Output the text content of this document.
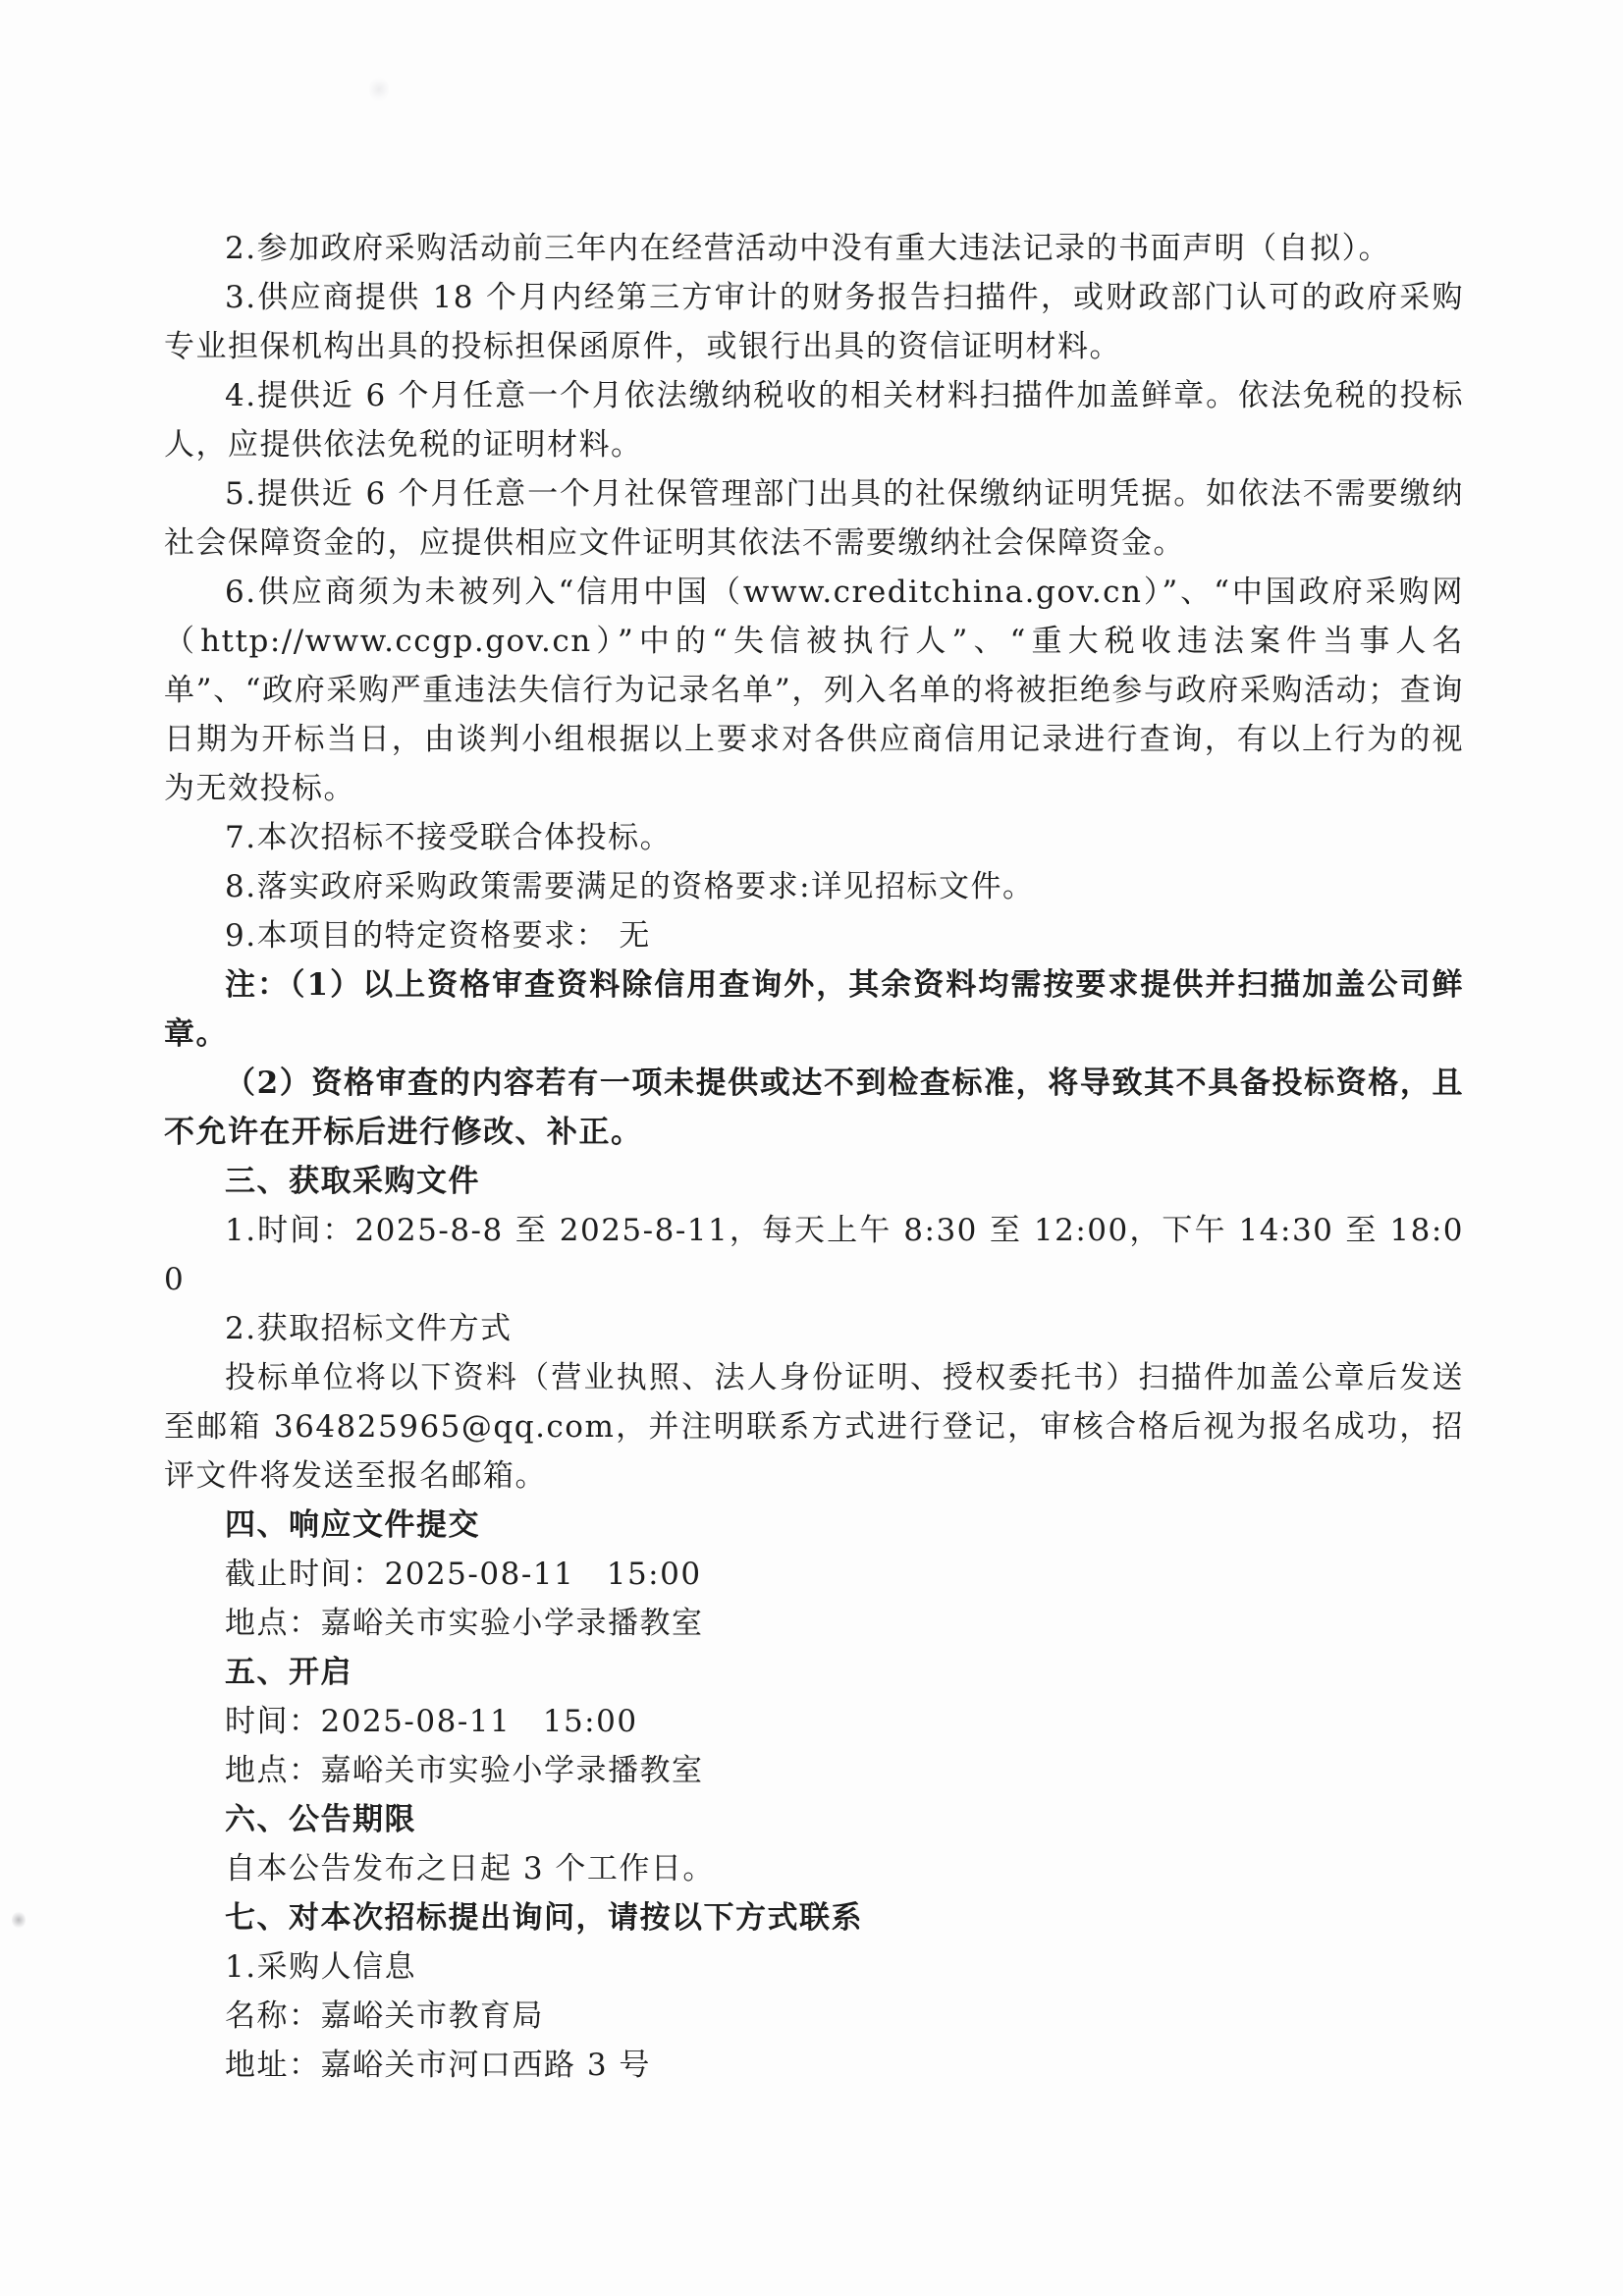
2.参加政府采购活动前三年内在经营活动中没有重大违法记录的书面声明（自拟）。

3.供应商提供 18 个月内经第三方审计的财务报告扫描件，或财政部门认可的政府采购专业担保机构出具的投标担保函原件，或银行出具的资信证明材料。

4.提供近 6 个月任意一个月依法缴纳税收的相关材料扫描件加盖鲜章。依法免税的投标人，应提供依法免税的证明材料。

5.提供近 6 个月任意一个月社保管理部门出具的社保缴纳证明凭据。如依法不需要缴纳社会保障资金的，应提供相应文件证明其依法不需要缴纳社会保障资金。

6.供应商须为未被列入“信用中国（www.creditchina.gov.cn）”、“中国政府采购网（http://www.ccgp.gov.cn）”中的“失信被执行人”、“重大税收违法案件当事人名单”、“政府采购严重违法失信行为记录名单”，列入名单的将被拒绝参与政府采购活动；查询日期为开标当日，由谈判小组根据以上要求对各供应商信用记录进行查询，有以上行为的视为无效投标。

7.本次招标不接受联合体投标。

8.落实政府采购政策需要满足的资格要求:详见招标文件。

9.本项目的特定资格要求： 无

注：（1）以上资格审查资料除信用查询外，其余资料均需按要求提供并扫描加盖公司鲜章。

（2）资格审查的内容若有一项未提供或达不到检查标准，将导致其不具备投标资格，且不允许在开标后进行修改、补正。

三、获取采购文件

1.时间：2025-8-8 至 2025-8-11，每天上午 8:30 至 12:00，下午 14:30 至 18:00

2.获取招标文件方式

投标单位将以下资料（营业执照、法人身份证明、授权委托书）扫描件加盖公章后发送至邮箱 364825965@qq.com，并注明联系方式进行登记，审核合格后视为报名成功，招评文件将发送至报名邮箱。

四、响应文件提交

截止时间：2025-08-11　15:00

地点：嘉峪关市实验小学录播教室

五、开启

时间：2025-08-11　15:00

地点：嘉峪关市实验小学录播教室

六、公告期限

自本公告发布之日起 3 个工作日。

七、对本次招标提出询问，请按以下方式联系

1.采购人信息

名称：嘉峪关市教育局

地址：嘉峪关市河口西路 3 号
